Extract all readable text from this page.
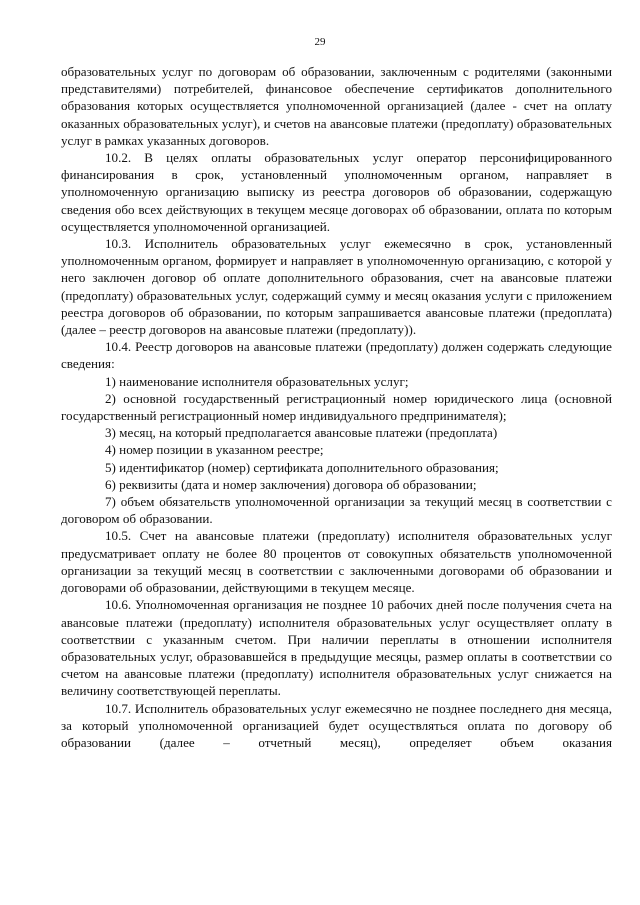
29

образовательных услуг по договорам об образовании, заключенным с родителями (законными представителями) потребителей, финансовое обеспечение сертификатов дополнительного образования которых осуществляется уполномоченной организацией (далее - счет на оплату оказанных образовательных услуг), и счетов на авансовые платежи (предоплату) образовательных услуг в рамках указанных договоров.

10.2. В целях оплаты образовательных услуг оператор персонифицированного финансирования в срок, установленный уполномоченным органом, направляет в уполномоченную организацию выписку из реестра договоров об образовании, содержащую сведения обо всех действующих в текущем месяце договорах об образовании, оплата по которым осуществляется уполномоченной организацией.

10.3. Исполнитель образовательных услуг ежемесячно в срок, установленный уполномоченным органом, формирует и направляет в уполномоченную организацию, с которой у него заключен договор об оплате дополнительного образования, счет на авансовые платежи (предоплату) образовательных услуг, содержащий сумму и месяц оказания услуги с приложением реестра договоров об образовании, по которым запрашивается авансовые платежи (предоплата) (далее – реестр договоров на авансовые платежи (предоплату)).

10.4. Реестр договоров на авансовые платежи (предоплату) должен содержать следующие сведения:

1) наименование исполнителя образовательных услуг;

2) основной государственный регистрационный номер юридического лица (основной государственный регистрационный номер индивидуального предпринимателя);

3) месяц, на который предполагается авансовые платежи (предоплата)

4) номер позиции в указанном реестре;

5) идентификатор (номер) сертификата дополнительного образования;

6) реквизиты (дата и номер заключения) договора об образовании;

7) объем обязательств уполномоченной организации за текущий месяц в соответствии с договором об образовании.

10.5. Счет на авансовые платежи (предоплату) исполнителя образовательных услуг предусматривает оплату не более 80 процентов от совокупных обязательств уполномоченной организации за текущий месяц в соответствии с заключенными договорами об образовании и договорами об образовании, действующими в текущем месяце.

10.6. Уполномоченная организация не позднее 10 рабочих дней после получения счета на авансовые платежи (предоплату) исполнителя образовательных услуг осуществляет оплату в соответствии с указанным счетом. При наличии переплаты в отношении исполнителя образовательных услуг, образовавшейся в предыдущие месяцы, размер оплаты в соответствии со счетом на авансовые платежи (предоплату) исполнителя образовательных услуг снижается на величину соответствующей переплаты.

10.7. Исполнитель образовательных услуг ежемесячно не позднее последнего дня месяца, за который уполномоченной организацией будет осуществляться оплата по договору об образовании (далее – отчетный месяц), определяет объем оказания
